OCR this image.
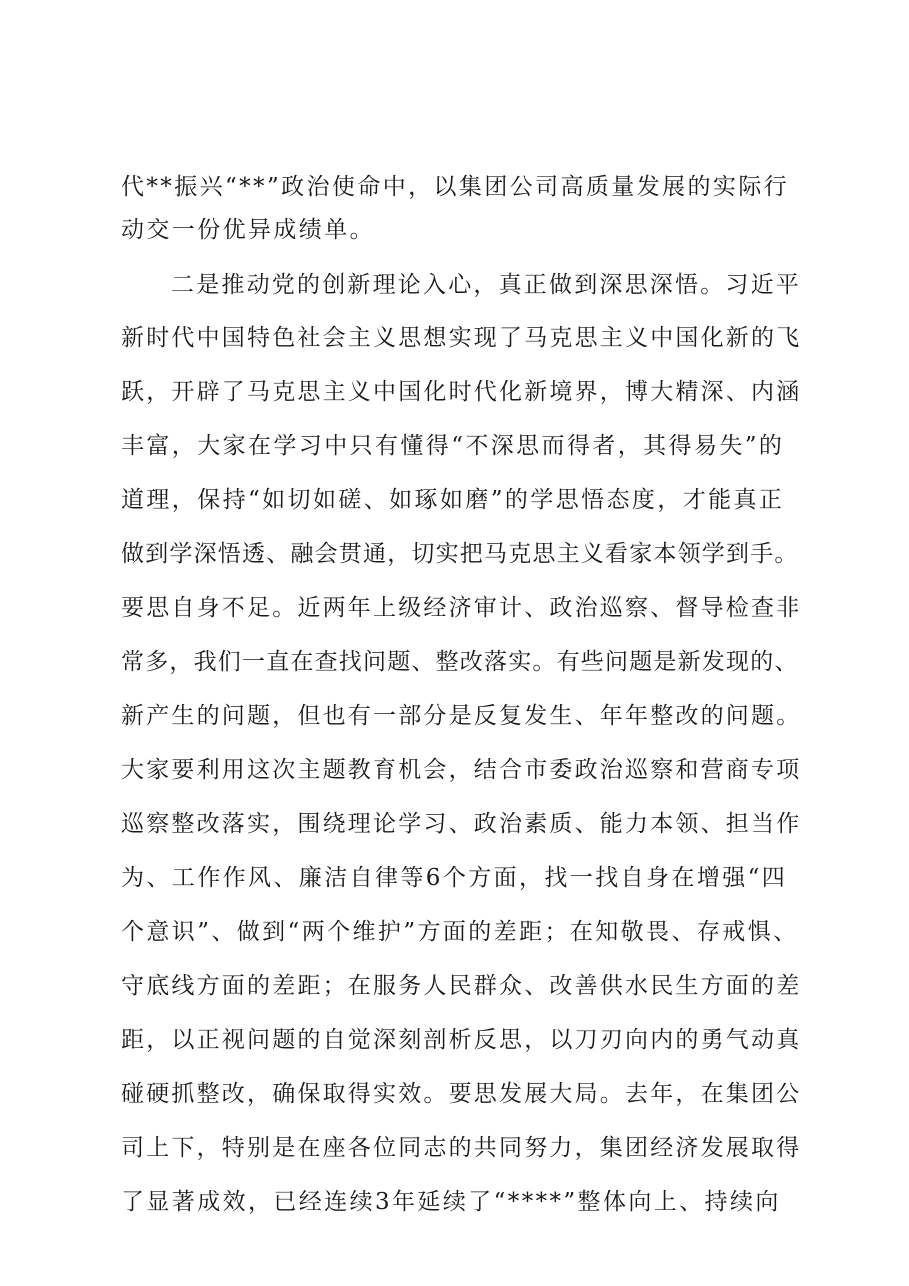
代**振兴“**”政治使命中，以集团公司高质量发展的实际行
动交一份优异成绩单。
二是推动党的创新理论入心，真正做到深思深悟。习近平
新时代中国特色社会主义思想实现了马克思主义中国化新的飞
跃，开辟了马克思主义中国化时代化新境界，博大精深、内涵
丰富，大家在学习中只有懂得“不深思而得者，其得易失”的
道理，保持“如切如磋、如琢如磨”的学思悟态度，才能真正
做到学深悟透、融会贯通，切实把马克思主义看家本领学到手。
要思自身不足。近两年上级经济审计、政治巡察、督导检查非
常多，我们一直在查找问题、整改落实。有些问题是新发现的、
新产生的问题，但也有一部分是反复发生、年年整改的问题。
大家要利用这次主题教育机会，结合市委政治巡察和营商专项
巡察整改落实，围绕理论学习、政治素质、能力本领、担当作
为、工作作风、廉洁自律等6个方面，找一找自身在增强“四
个意识”、做到“两个维护”方面的差距；在知敬畏、存戒惧、
守底线方面的差距；在服务人民群众、改善供水民生方面的差
距，以正视问题的自觉深刻剖析反思，以刀刃向内的勇气动真
碰硬抓整改，确保取得实效。要思发展大局。去年，在集团公
司上下，特别是在座各位同志的共同努力，集团经济发展取得
了显著成效，已经连续3年延续了“****”整体向上、持续向
